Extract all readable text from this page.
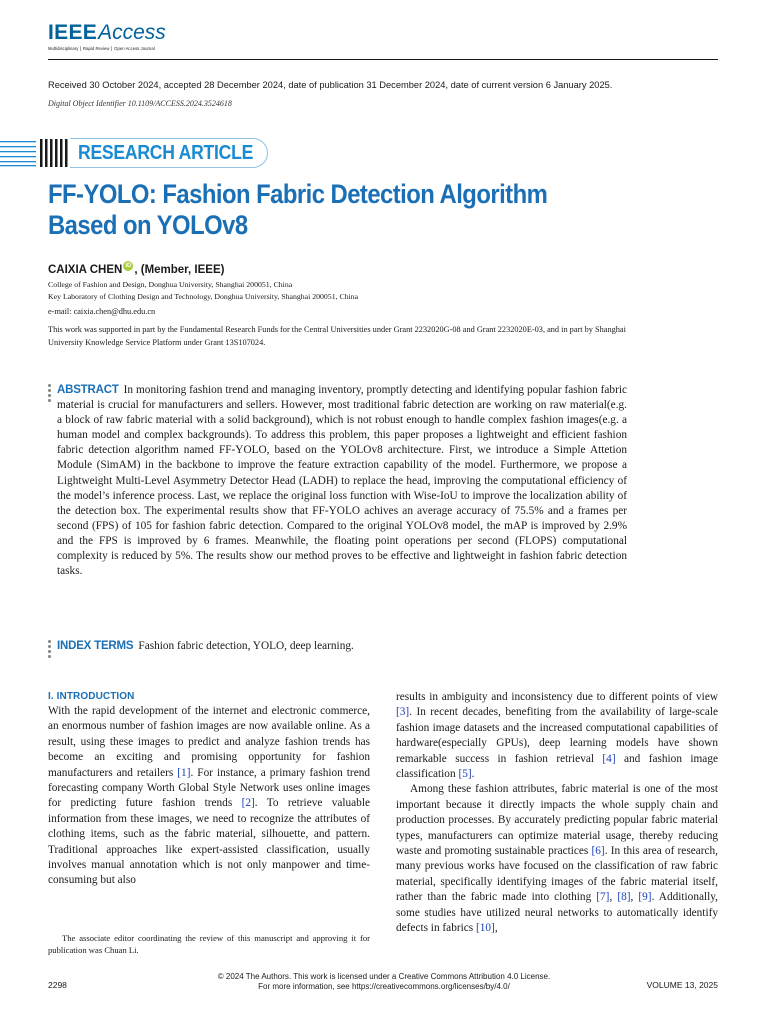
IEEE Access
Multidisciplinary ⎮ Rapid Review ⎮ Open Access Journal
Received 30 October 2024, accepted 28 December 2024, date of publication 31 December 2024, date of current version 6 January 2025.
Digital Object Identifier 10.1109/ACCESS.2024.3524618
RESEARCH ARTICLE
FF-YOLO: Fashion Fabric Detection Algorithm
Based on YOLOv8
CAIXIA CHEN iD , (Member, IEEE)
College of Fashion and Design, Donghua University, Shanghai 200051, China
Key Laboratory of Clothing Design and Technology, Donghua University, Shanghai 200051, China
e-mail: caixia.chen@dhu.edu.cn
This work was supported in part by the Fundamental Research Funds for the Central Universities under Grant 2232020G-08 and Grant 2232020E-03, and in part by Shanghai University Knowledge Service Platform under Grant 13S107024.
ABSTRACT In monitoring fashion trend and managing inventory, promptly detecting and identifying popular fashion fabric material is crucial for manufacturers and sellers. However, most traditional fabric detection are working on raw material(e.g. a block of raw fabric material with a solid background), which is not robust enough to handle complex fashion images(e.g. a human model and complex backgrounds). To address this problem, this paper proposes a lightweight and efficient fashion fabric detection algorithm named FF-YOLO, based on the YOLOv8 architecture. First, we introduce a Simple Attetion Module (SimAM) in the backbone to improve the feature extraction capability of the model. Furthermore, we propose a Lightweight Multi-Level Asymmetry Detector Head (LADH) to replace the head, improving the computational efficiency of the model’s inference process. Last, we replace the original loss function with Wise-IoU to improve the localization ability of the detection box. The experimental results show that FF-YOLO achives an average accuracy of 75.5% and a frames per second (FPS) of 105 for fashion fabric detection. Compared to the original YOLOv8 model, the mAP is improved by 2.9% and the FPS is improved by 6 frames. Meanwhile, the floating point operations per second (FLOPS) computational complexity is reduced by 5%. The results show our method proves to be effective and lightweight in fashion fabric detection tasks.
INDEX TERMS Fashion fabric detection, YOLO, deep learning.
I. INTRODUCTION

With the rapid development of the internet and electronic commerce, an enormous number of fashion images are now available online. As a result, using these images to predict and analyze fashion trends has become an exciting and promising opportunity for fashion manufacturers and retailers [1]. For instance, a primary fashion trend forecasting company Worth Global Style Network uses online images for predicting future fashion trends [2]. To retrieve valuable information from these images, we need to recognize the attributes of clothing items, such as the fabric material, silhouette, and pattern. Traditional approaches like expert-assisted classification, usually involves manual annotation which is not only manpower and time-consuming but also

The associate editor coordinating the review of this manuscript and approving it for publication was Chuan Li.

results in ambiguity and inconsistency due to different points of view [3]. In recent decades, benefiting from the availability of large-scale fashion image datasets and the increased computational capabilities of hardware(especially GPUs), deep learning models have shown remarkable success in fashion retrieval [4] and fashion image classification [5].

Among these fashion attributes, fabric material is one of the most important because it directly impacts the whole supply chain and production processes. By accurately predicting popular fabric material types, manufacturers can optimize material usage, thereby reducing waste and promoting sustainable practices [6]. In this area of research, many previous works have focused on the classification of raw fabric material, specifically identifying images of the fabric material itself, rather than the fabric made into clothing [7], [8], [9]. Additionally, some studies have utilized neural networks to automatically identify defects in fabrics [10],

© 2024 The Authors. This work is licensed under a Creative Commons Attribution 4.0 License.
For more information, see https://creativecommons.org/licenses/by/4.0/
2298	VOLUME 13, 2025
